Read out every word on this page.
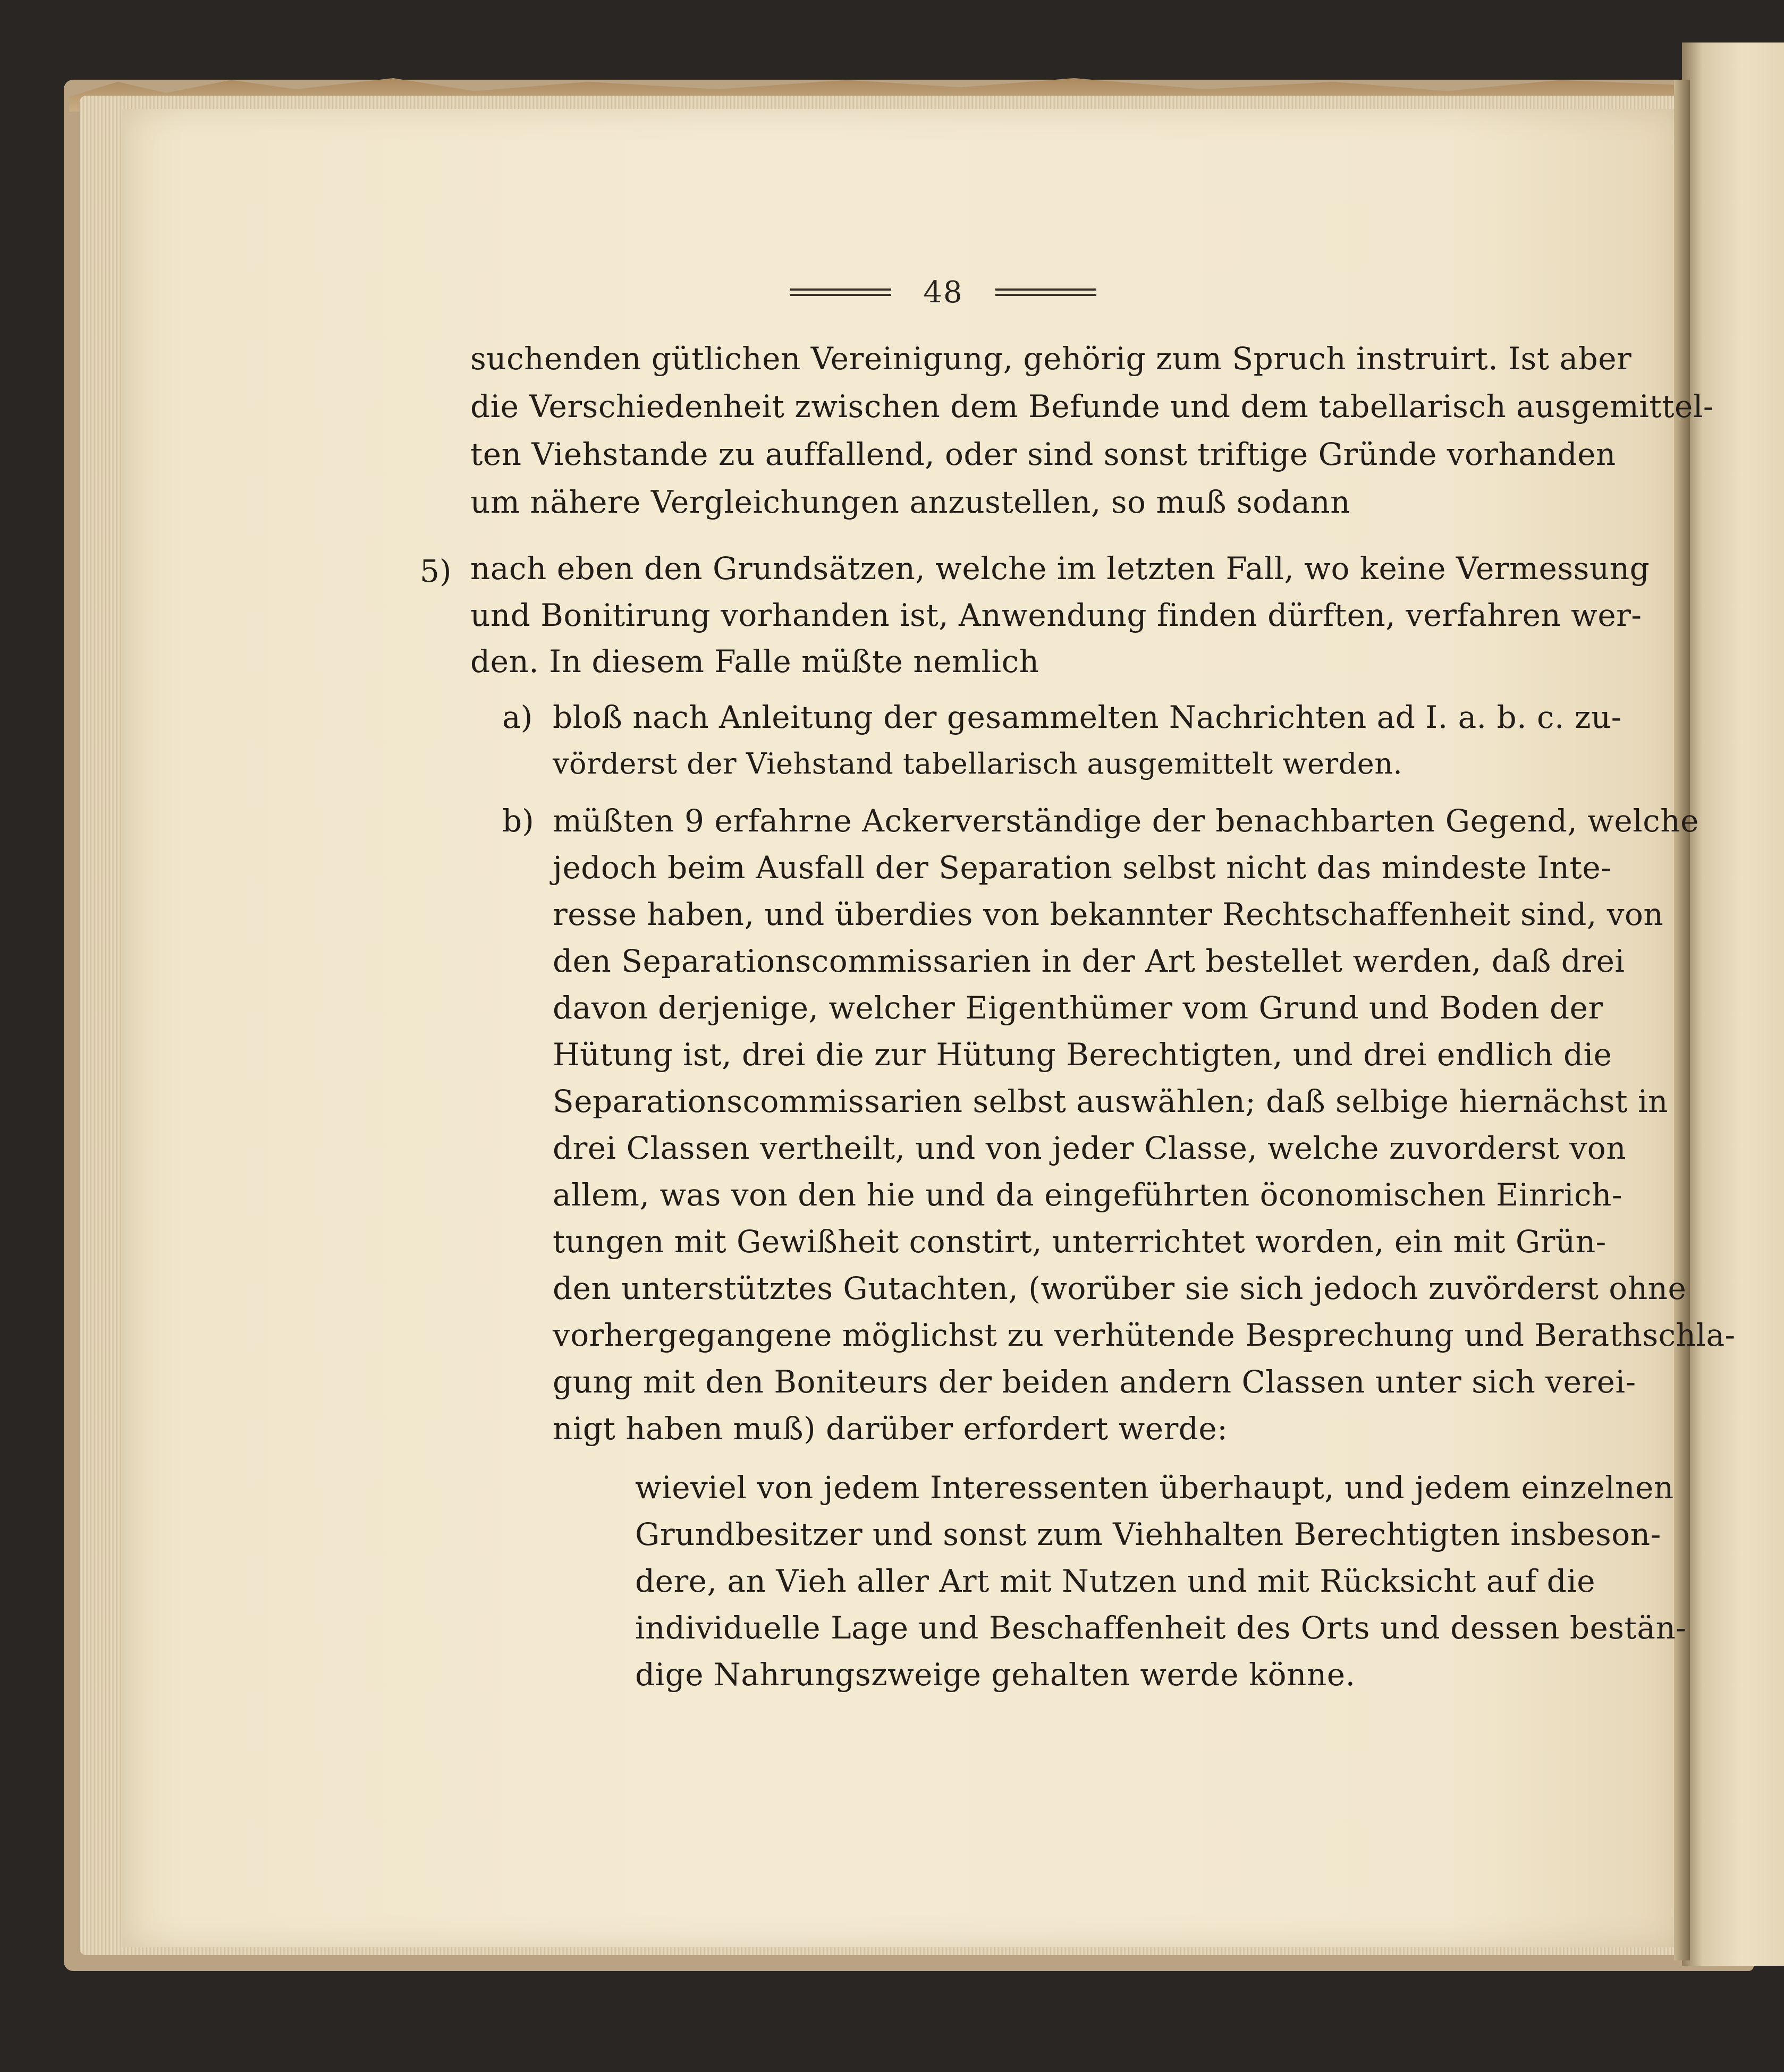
48
suchenden gütlichen Vereinigung, gehörig zum Spruch instruirt. Ist aber
die Verschiedenheit zwischen dem Befunde und dem tabellarisch ausgemittel-
ten Viehstande zu auffallend, oder sind sonst triftige Gründe vorhanden
um nähere Vergleichungen anzustellen, so muß sodann
5) nach eben den Grundsätzen, welche im letzten Fall, wo keine Vermessung
und Bonitirung vorhanden ist, Anwendung finden dürften, verfahren wer-
den. In diesem Falle müßte nemlich
a) bloß nach Anleitung der gesammelten Nachrichten ad I. a. b. c. zu-
vörderst der Viehstand tabellarisch ausgemittelt werden.
b) müßten 9 erfahrne Ackerverständige der benachbarten Gegend, welche
jedoch beim Ausfall der Separation selbst nicht das mindeste Inte-
resse haben, und überdies von bekannter Rechtschaffenheit sind, von
den Separationscommissarien in der Art bestellet werden, daß drei
davon derjenige, welcher Eigenthümer vom Grund und Boden der
Hütung ist, drei die zur Hütung Berechtigten, und drei endlich die
Separationscommissarien selbst auswählen; daß selbige hiernächst in
drei Classen vertheilt, und von jeder Classe, welche zuvorderst von
allem, was von den hie und da eingeführten öconomischen Einrich-
tungen mit Gewißheit constirt, unterrichtet worden, ein mit Grün-
den unterstütztes Gutachten, (worüber sie sich jedoch zuvörderst ohne
vorhergegangene möglichst zu verhütende Besprechung und Berathschla-
gung mit den Boniteurs der beiden andern Classen unter sich verei-
nigt haben muß) darüber erfordert werde:
wieviel von jedem Interessenten überhaupt, und jedem einzelnen
Grundbesitzer und sonst zum Viehhalten Berechtigten insbeson-
dere, an Vieh aller Art mit Nutzen und mit Rücksicht auf die
individuelle Lage und Beschaffenheit des Orts und dessen bestän-
dige Nahrungszweige gehalten werde könne.
